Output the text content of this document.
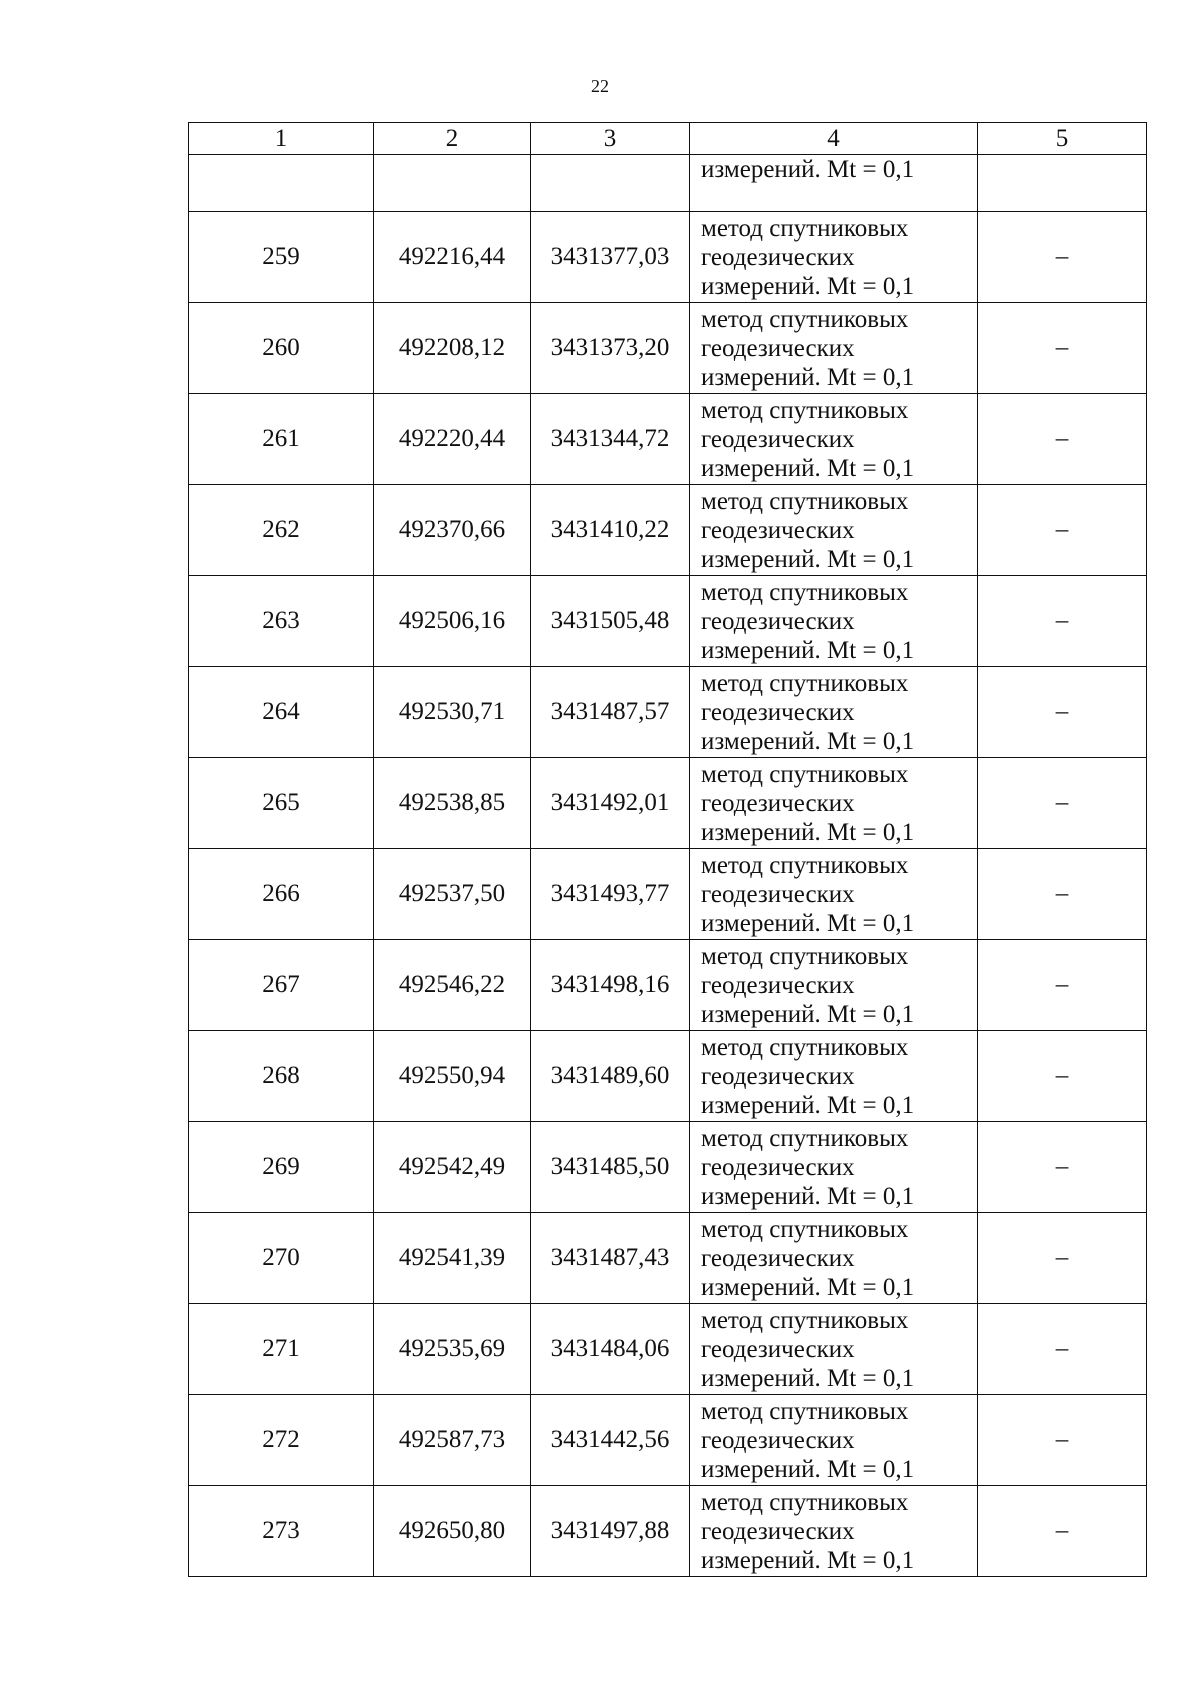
22
1	2	3	4	5
			измерений. Mt = 0,1	
259	492216,44	3431377,03	метод спутниковых
геодезических
измерений. Mt = 0,1	–
260	492208,12	3431373,20	метод спутниковых
геодезических
измерений. Mt = 0,1	–
261	492220,44	3431344,72	метод спутниковых
геодезических
измерений. Mt = 0,1	–
262	492370,66	3431410,22	метод спутниковых
геодезических
измерений. Mt = 0,1	–
263	492506,16	3431505,48	метод спутниковых
геодезических
измерений. Mt = 0,1	–
264	492530,71	3431487,57	метод спутниковых
геодезических
измерений. Mt = 0,1	–
265	492538,85	3431492,01	метод спутниковых
геодезических
измерений. Mt = 0,1	–
266	492537,50	3431493,77	метод спутниковых
геодезических
измерений. Mt = 0,1	–
267	492546,22	3431498,16	метод спутниковых
геодезических
измерений. Mt = 0,1	–
268	492550,94	3431489,60	метод спутниковых
геодезических
измерений. Mt = 0,1	–
269	492542,49	3431485,50	метод спутниковых
геодезических
измерений. Mt = 0,1	–
270	492541,39	3431487,43	метод спутниковых
геодезических
измерений. Mt = 0,1	–
271	492535,69	3431484,06	метод спутниковых
геодезических
измерений. Mt = 0,1	–
272	492587,73	3431442,56	метод спутниковых
геодезических
измерений. Mt = 0,1	–
273	492650,80	3431497,88	метод спутниковых
геодезических
измерений. Mt = 0,1	–
